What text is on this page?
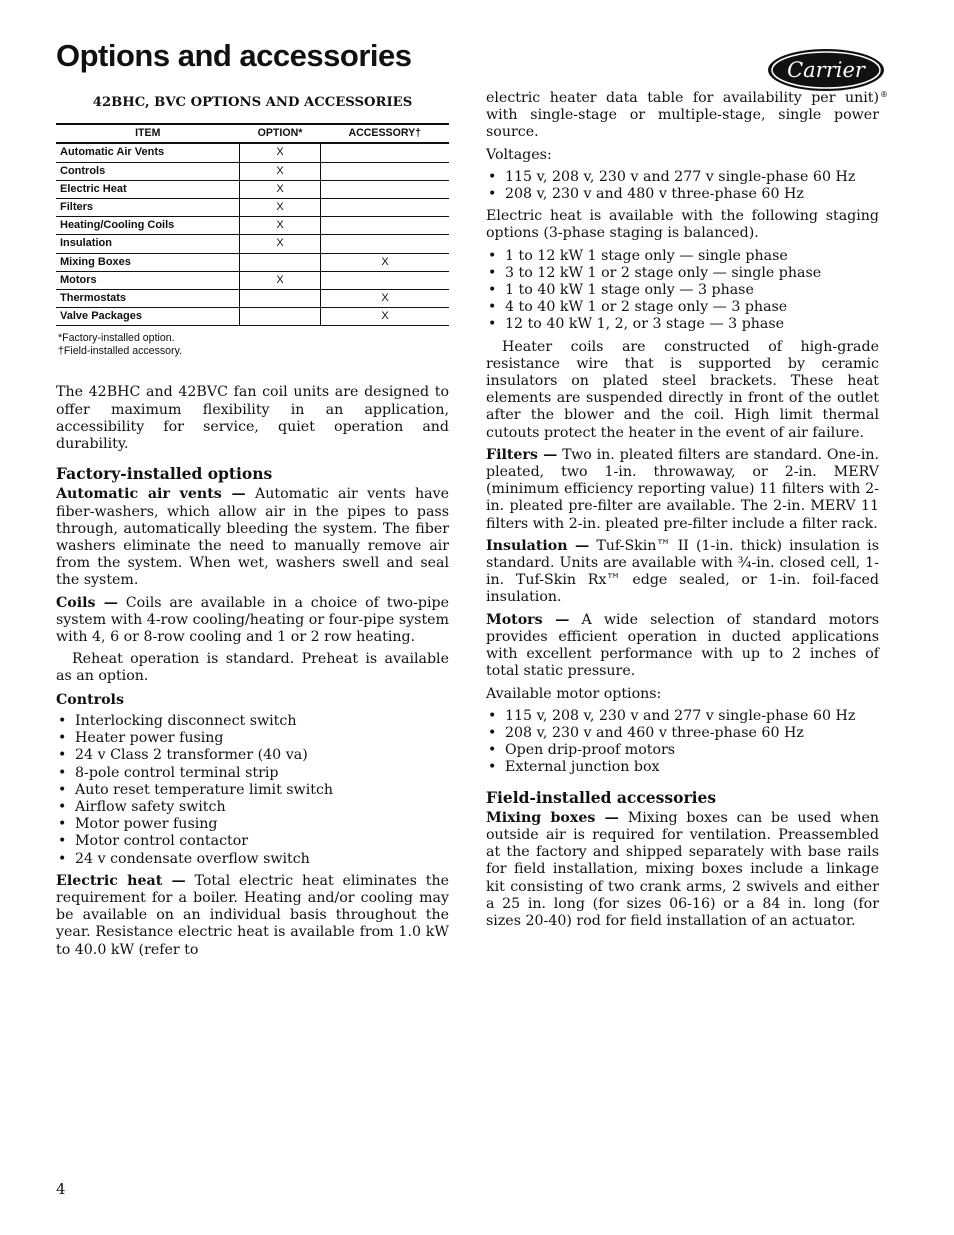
Options and accessories	Carrier
®
42BHC, BVC OPTIONS AND ACCESSORIES
ITEM	OPTION*	ACCESSORY†
Automatic Air Vents	X	
Controls	X	
Electric Heat	X	
Filters	X	
Heating/Cooling Coils	X	
Insulation	X	
Mixing Boxes		X
Motors	X	
Thermostats		X
Valve Packages		X
*Factory-installed option.
†Field-installed accessory.

The 42BHC and 42BVC fan coil units are designed to offer maximum flexibility in an application, accessibility for service, quiet operation and durability.

Factory-installed options

Automatic air vents — Automatic air vents have fiber-washers, which allow air in the pipes to pass through, automatically bleeding the system. The fiber washers eliminate the need to manually remove air from the system. When wet, washers swell and seal the system.

Coils — Coils are available in a choice of two-pipe system with 4-row cooling/heating or four-pipe system with 4, 6 or 8-row cooling and 1 or 2 row heating.

Reheat operation is standard. Preheat is available as an option.

Controls
• Interlocking disconnect switch
• Heater power fusing
• 24 v Class 2 transformer (40 va)
• 8-pole control terminal strip
• Auto reset temperature limit switch
• Airflow safety switch
• Motor power fusing
• Motor control contactor
• 24 v condensate overflow switch

Electric heat — Total electric heat eliminates the requirement for a boiler. Heating and/or cooling may be available on an individual basis throughout the year. Resistance electric heat is available from 1.0 kW to 40.0 kW (refer to

electric heater data table for availability per unit) with single-stage or multiple-stage, single power source.

Voltages:

• 115 v, 208 v, 230 v and 277 v single-phase 60 Hz
• 208 v, 230 v and 480 v three-phase 60 Hz

Electric heat is available with the following staging options (3-phase staging is balanced).

• 1 to 12 kW 1 stage only — single phase
• 3 to 12 kW 1 or 2 stage only — single phase
• 1 to 40 kW 1 stage only — 3 phase
• 4 to 40 kW 1 or 2 stage only — 3 phase
• 12 to 40 kW 1, 2, or 3 stage — 3 phase

Heater coils are constructed of high-grade resistance wire that is supported by ceramic insulators on plated steel brackets. These heat elements are suspended directly in front of the outlet after the blower and the coil. High limit thermal cutouts protect the heater in the event of air failure.

Filters — Two in. pleated filters are standard. One-in. pleated, two 1-in. throwaway, or 2-in. MERV (minimum efficiency reporting value) 11 filters with 2-in. pleated pre-filter are available. The 2-in. MERV 11 filters with 2-in. pleated pre-filter include a filter rack.

Insulation — Tuf-Skin™ II (1-in. thick) insulation is standard. Units are available with ¾-in. closed cell, 1-in. Tuf-Skin Rx™ edge sealed, or 1-in. foil-faced insulation.

Motors — A wide selection of standard motors provides efficient operation in ducted applications with excellent performance with up to 2 inches of total static pressure.

Available motor options:

• 115 v, 208 v, 230 v and 277 v single-phase 60 Hz
• 208 v, 230 v and 460 v three-phase 60 Hz
• Open drip-proof motors
• External junction box
Field-installed accessories

Mixing boxes — Mixing boxes can be used when outside air is required for ventilation. Preassembled at the factory and shipped separately with base rails for field installation, mixing boxes include a linkage kit consisting of two crank arms, 2 swivels and either a 25 in. long (for sizes 06-16) or a 84 in. long (for sizes 20-40) rod for field installation of an actuator.

4
